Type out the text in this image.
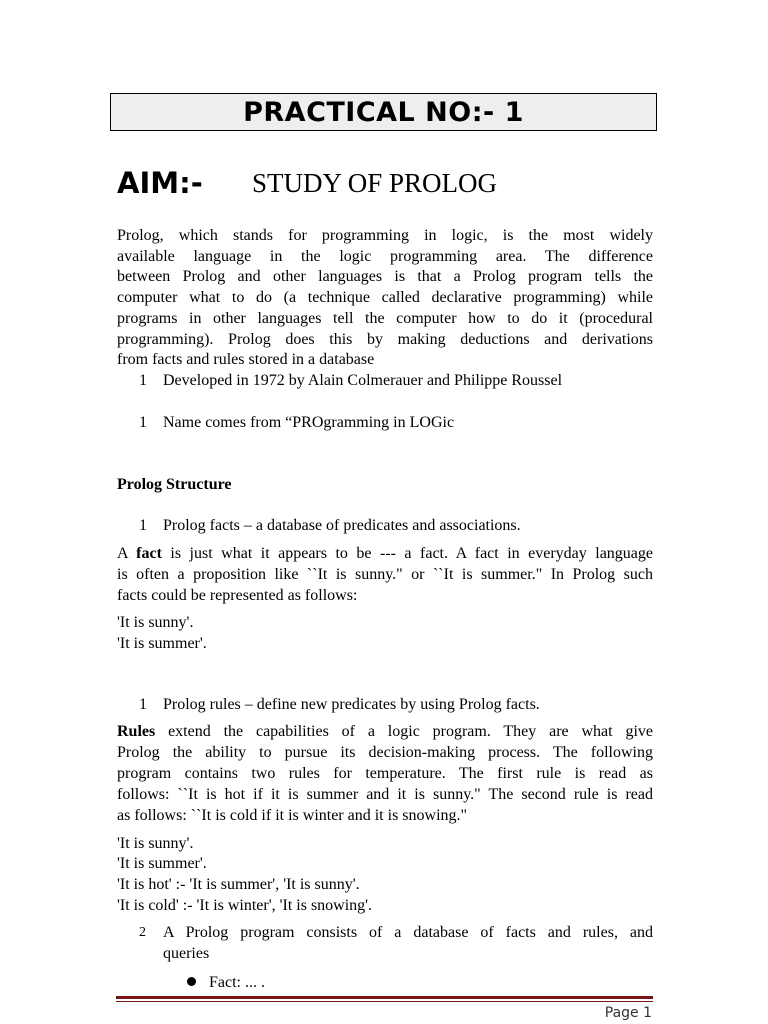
PRACTICAL NO:- 1
AIM:- STUDY OF PROLOG
Prolog, which stands for programming in logic, is the most widely
available language in the logic programming area. The difference
between Prolog and other languages is that a Prolog program tells the
computer what to do (a technique called declarative programming) while
programs in other languages tell the computer how to do it (procedural
programming). Prolog does this by making deductions and derivations
from facts and rules stored in a database
1 Developed in 1972 by Alain Colmerauer and Philippe Roussel
1 Name comes from “PROgramming in LOGic
Prolog Structure
1 Prolog facts – a database of predicates and associations.
A fact is just what it appears to be --- a fact. A fact in everyday language
is often a proposition like ``It is sunny." or ``It is summer." In Prolog such
facts could be represented as follows:
'It is sunny'.
'It is summer'.
1 Prolog rules – define new predicates by using Prolog facts.
Rules extend the capabilities of a logic program. They are what give
Prolog the ability to pursue its decision-making process. The following
program contains two rules for temperature. The first rule is read as
follows: ``It is hot if it is summer and it is sunny." The second rule is read
as follows: ``It is cold if it is winter and it is snowing."
'It is sunny'.
'It is summer'.
'It is hot' :- 'It is summer', 'It is sunny'.
'It is cold' :- 'It is winter', 'It is snowing'.
2 A Prolog program consists of a database of facts and rules, and
queries
Fact: ... .
Page 1
